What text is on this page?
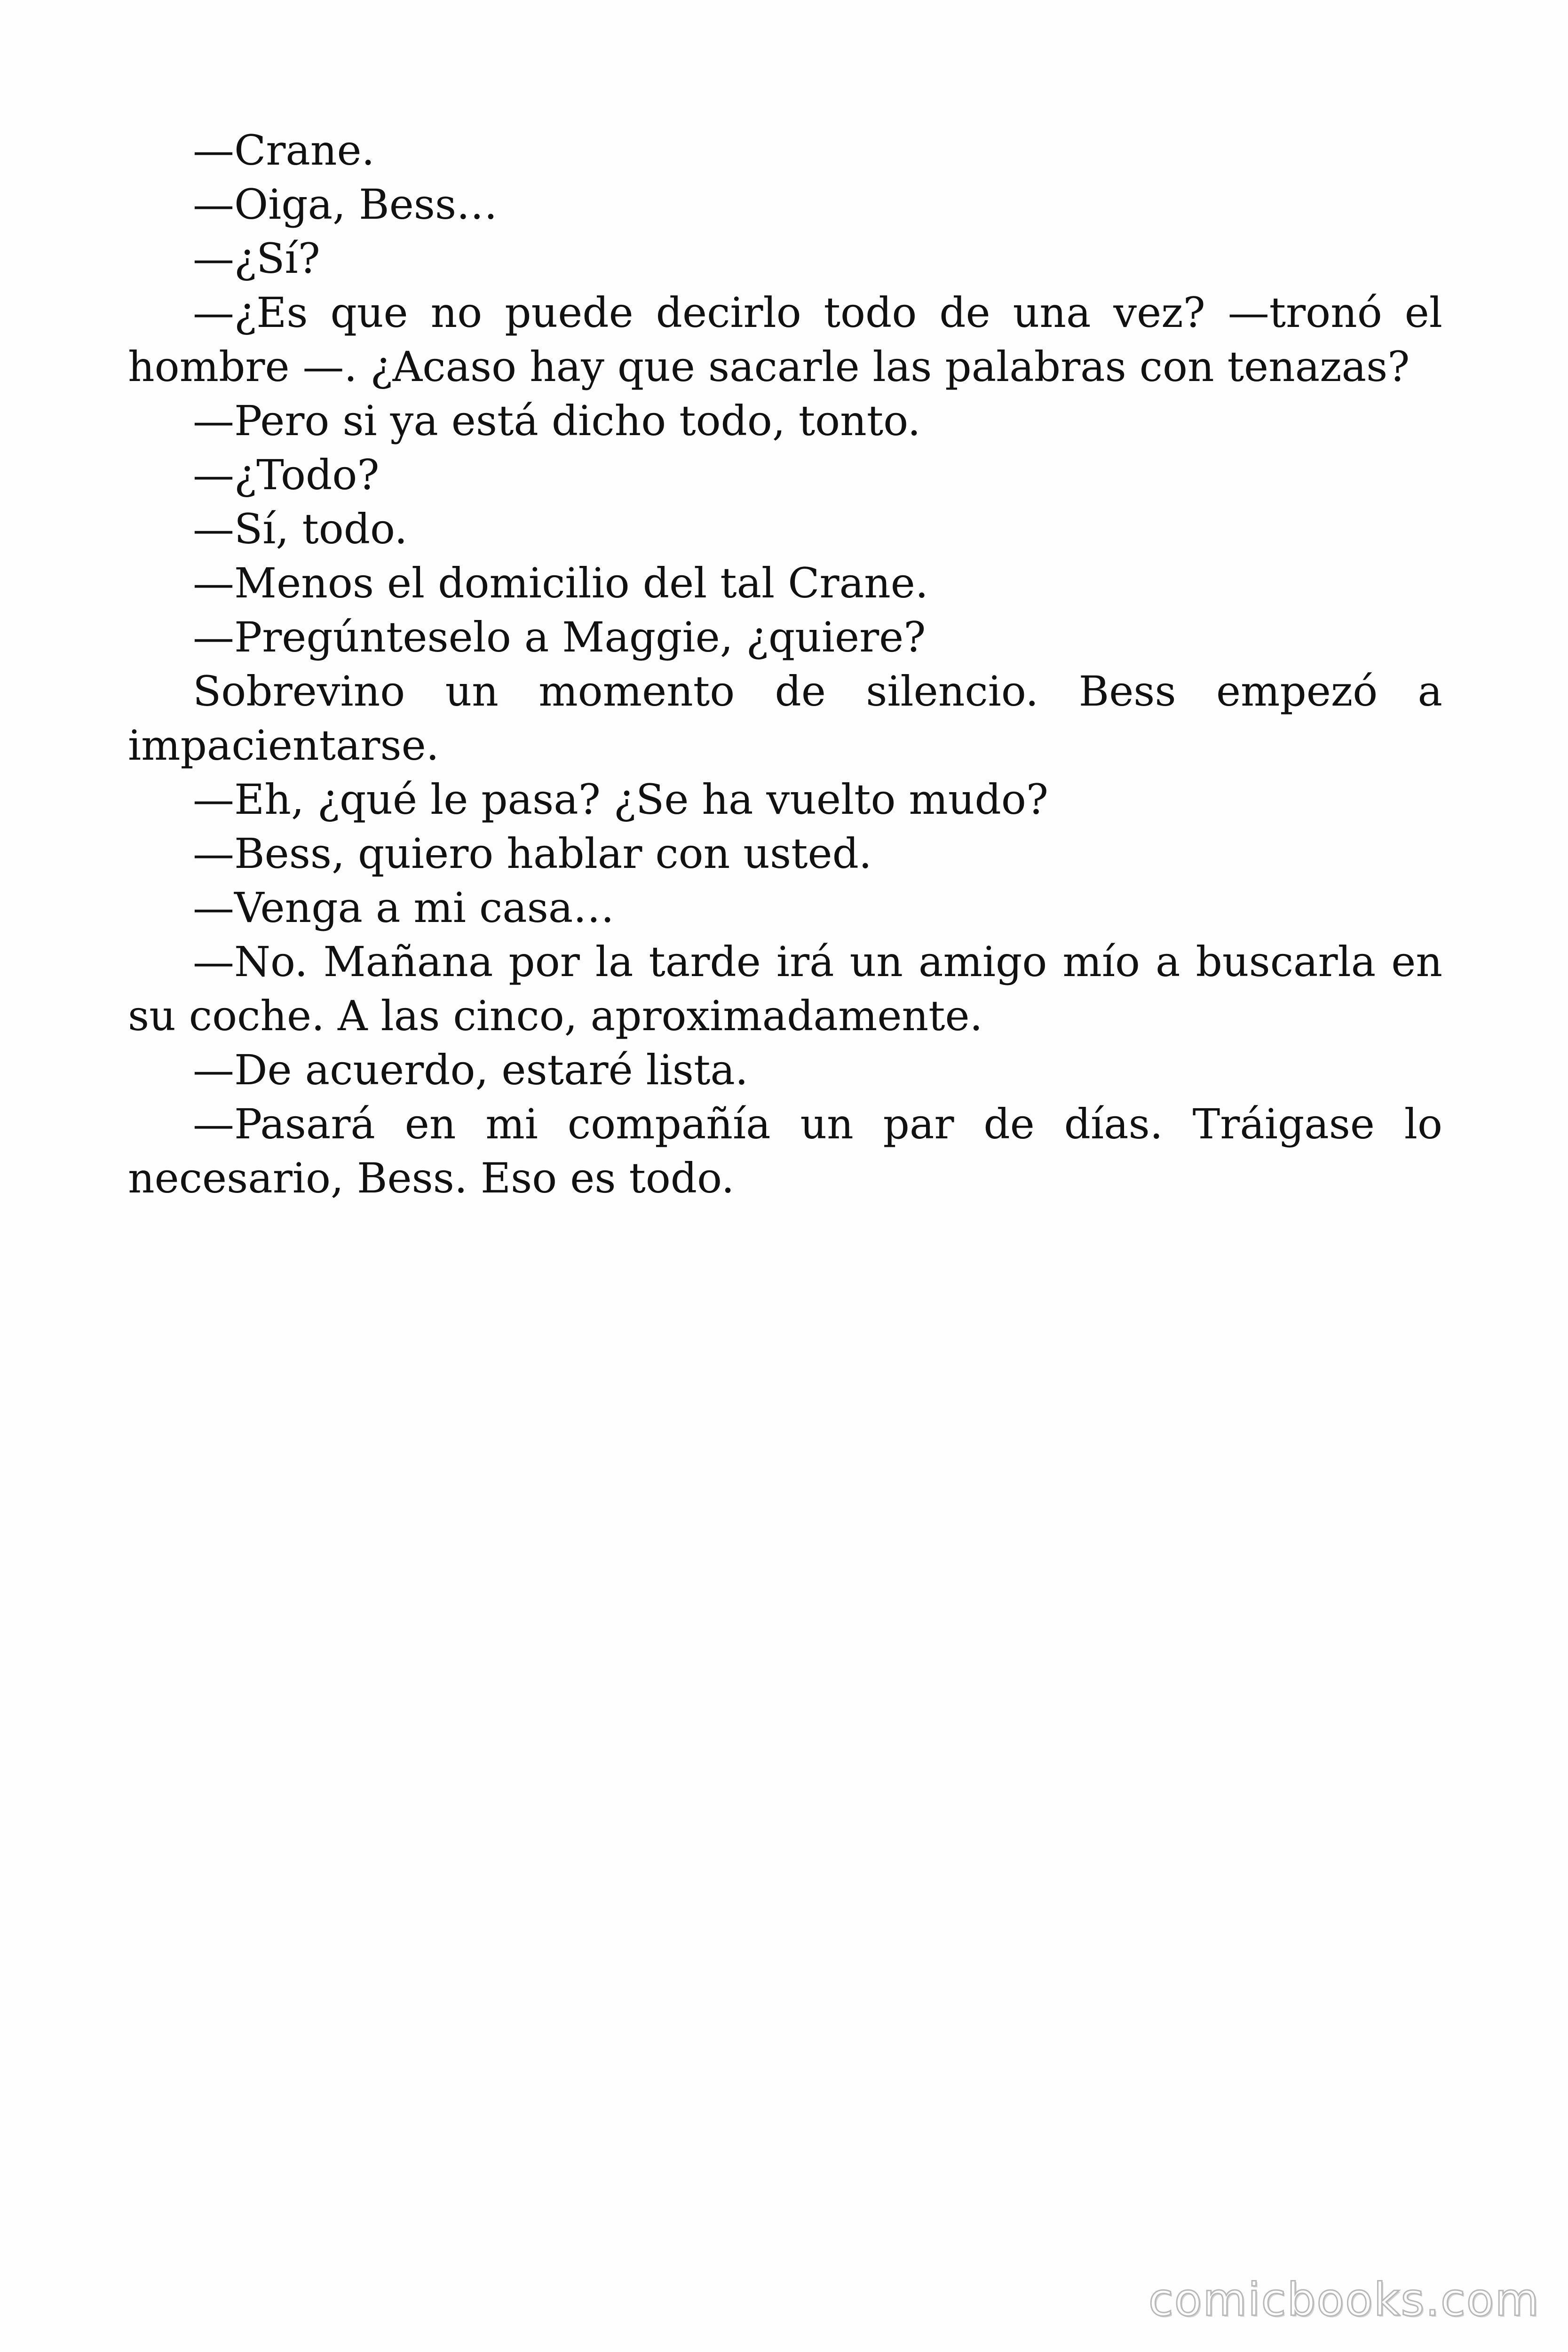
—Crane.

—Oiga, Bess…

—¿Sí?

—¿Es que no puede decirlo todo de una vez? —tronó el hombre —. ¿Acaso hay que sacarle las palabras con tenazas?

—Pero si ya está dicho todo, tonto.

—¿Todo?

—Sí, todo.

—Menos el domicilio del tal Crane.

—Pregúnteselo a Maggie, ¿quiere?

Sobrevino un momento de silencio. Bess empezó a impacientarse.

—Eh, ¿qué le pasa? ¿Se ha vuelto mudo?

—Bess, quiero hablar con usted.

—Venga a mi casa…

—No. Mañana por la tarde irá un amigo mío a buscarla en su coche. A las cinco, aproximadamente.

—De acuerdo, estaré lista.

—Pasará en mi compañía un par de días. Tráigase lo necesario, Bess. Eso es todo.

comicbooks.com
